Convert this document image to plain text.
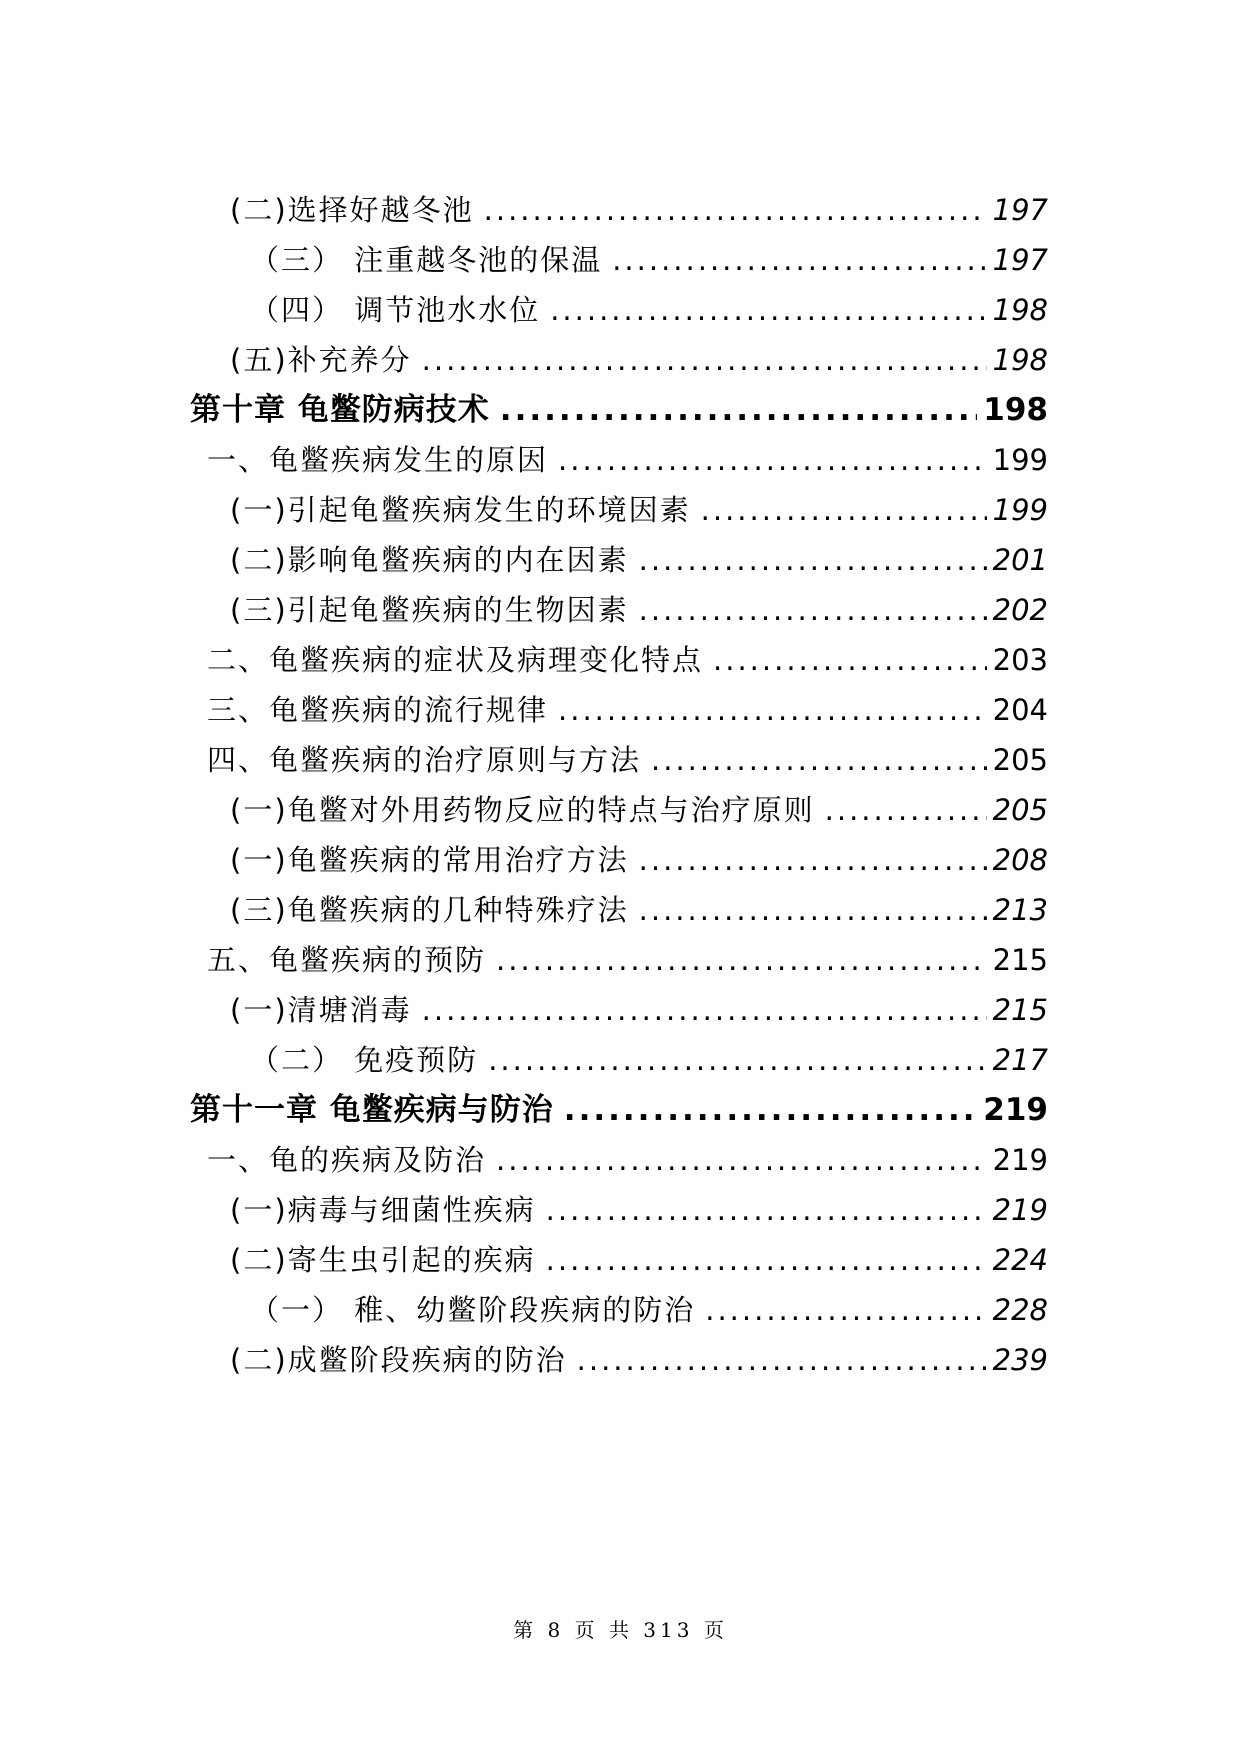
(二)选择好越冬池 .....	197
（三） 注重越冬池的保温 .....	197
（四） 调节池水水位 .....	198
(五)补充养分 .....	198
第十章 龟鳖防病技术 .....	198
一、龟鳖疾病发生的原因 .....	199
(一)引起龟鳖疾病发生的环境因素 .....	199
(二)影响龟鳖疾病的内在因素 .....	201
(三)引起龟鳖疾病的生物因素 .....	202
二、龟鳖疾病的症状及病理变化特点 .....	203
三、龟鳖疾病的流行规律 .....	204
四、龟鳖疾病的治疗原则与方法 .....	205
(一)龟鳖对外用药物反应的特点与治疗原则 .....	205
(一)龟鳖疾病的常用治疗方法 .....	208
(三)龟鳖疾病的几种特殊疗法 .....	213
五、龟鳖疾病的预防 .....	215
(一)清塘消毒 .....	215
（二） 免疫预防 .....	217
第十一章 龟鳖疾病与防治 .....	219
一、龟的疾病及防治 .....	219
(一)病毒与细菌性疾病 .....	219
(二)寄生虫引起的疾病 .....	224
（一） 稚、幼鳖阶段疾病的防治 .....	228
(二)成鳖阶段疾病的防治 .....	239
第 8 页 共 313 页
